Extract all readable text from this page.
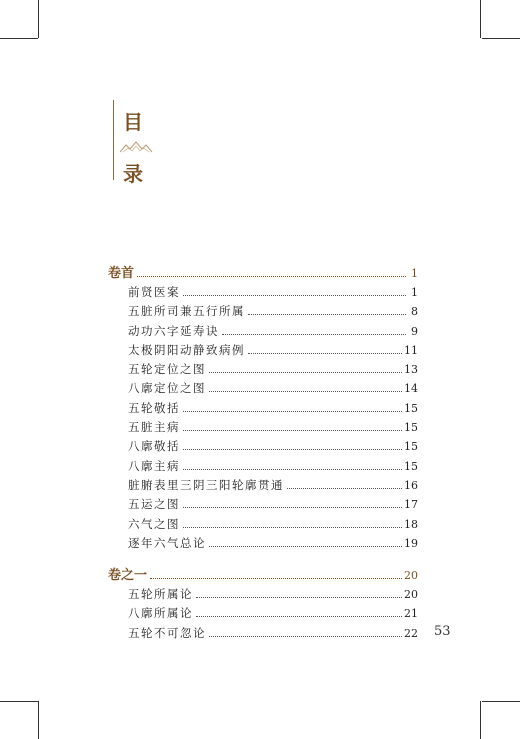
目
录
卷首	1
前贤医案	1
五脏所司兼五行所属	8
动功六字延寿诀	9
太极阴阳动静致病例	11
五轮定位之图	13
八廓定位之图	14
五轮敬括	15
五脏主病	15
八廓敬括	15
八廓主病	15
脏腑表里三阴三阳轮廓贯通	16
五运之图	17
六气之图	18
逐年六气总论	19
卷之一	20
五轮所属论	20
八廓所属论	21
五轮不可忽论	22 53
